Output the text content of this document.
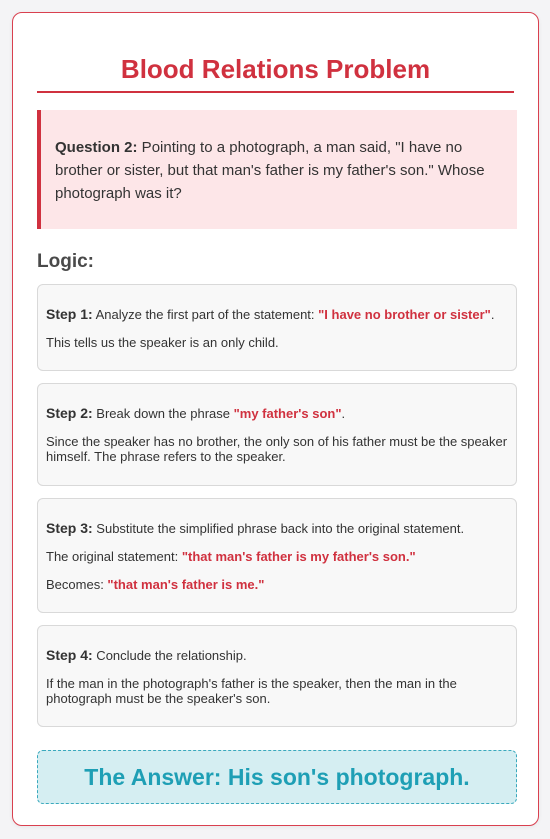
Blood Relations Problem
Question 2: Pointing to a photograph, a man said, "I have no brother or sister, but that man's father is my father's son." Whose photograph was it?
Logic:

Step 1: Analyze the first part of the statement: "I have no brother or sister".

This tells us the speaker is an only child.

Step 2: Break down the phrase "my father's son".

Since the speaker has no brother, the only son of his father must be the speaker himself. The phrase refers to the speaker.

Step 3: Substitute the simplified phrase back into the original statement.

The original statement: "that man's father is my father's son."

Becomes: "that man's father is me."

Step 4: Conclude the relationship.

If the man in the photograph's father is the speaker, then the man in the photograph must be the speaker's son.

The Answer: His son's photograph.
